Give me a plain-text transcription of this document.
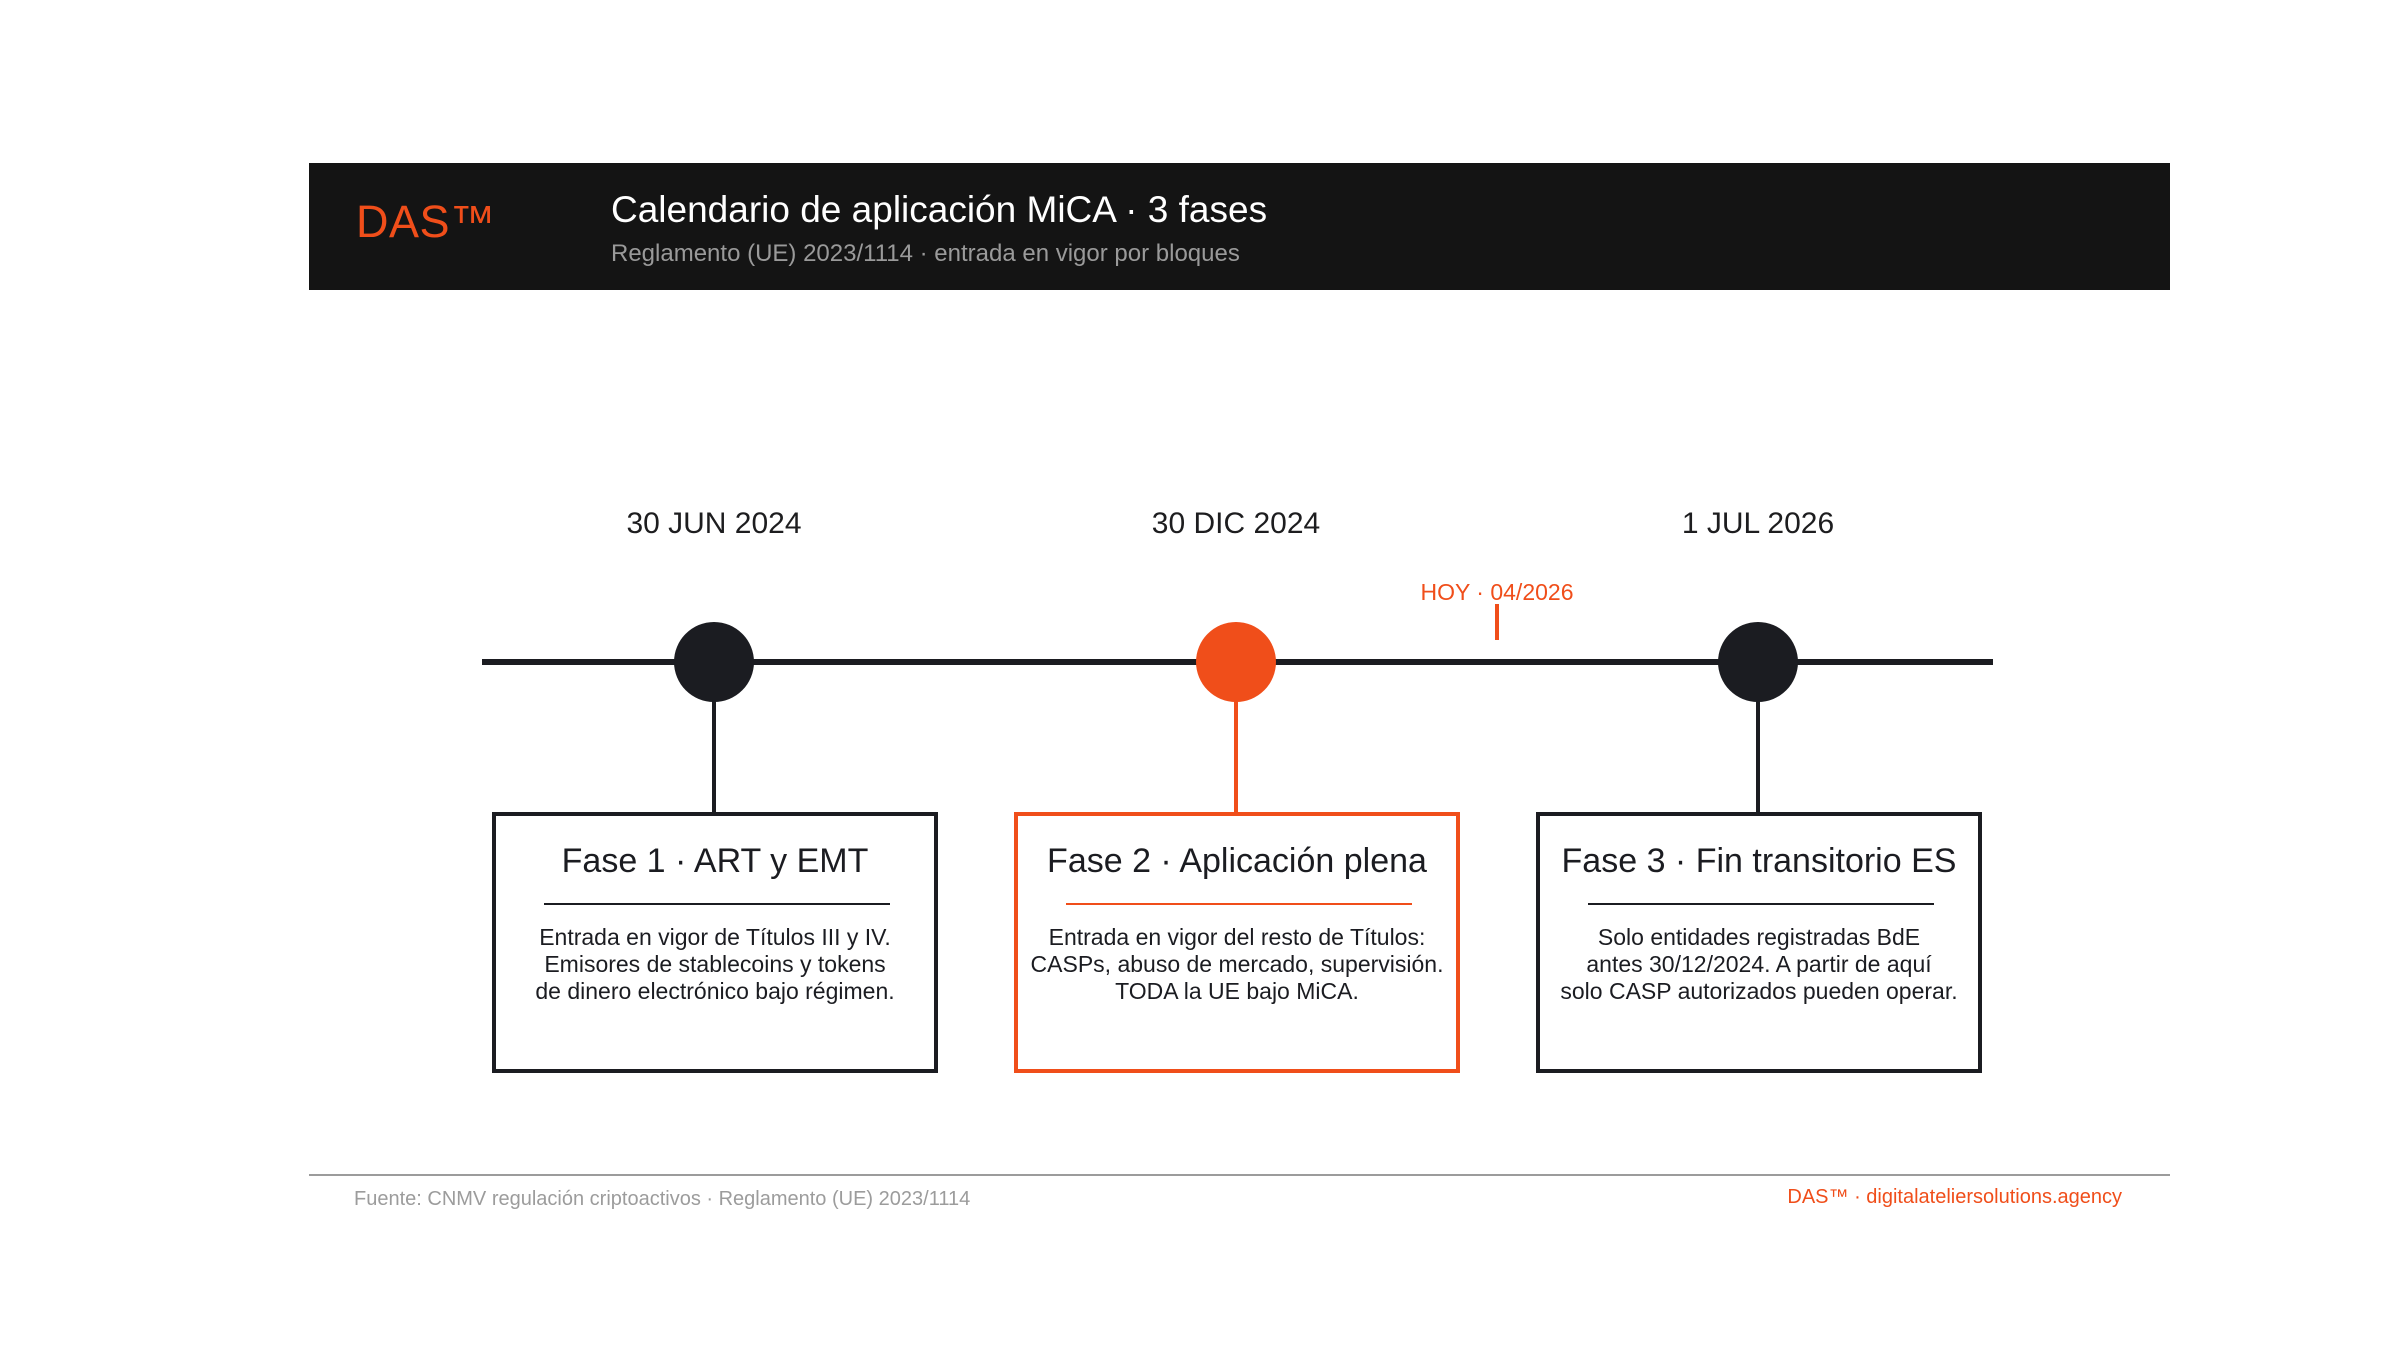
DAS™	Calendario de aplicación MiCA · 3 fases
Reglamento (UE) 2023/1114 · entrada en vigor por bloques
30 JUN 2024	30 DIC 2024	1 JUL 2026
HOY · 04/2026
Fase 1 · ART y EMT
Entrada en vigor de Títulos III y IV.
Emisores de stablecoins y tokens
de dinero electrónico bajo régimen.
Fase 2 · Aplicación plena
Entrada en vigor del resto de Títulos:
CASPs, abuso de mercado, supervisión.
TODA la UE bajo MiCA.
Fase 3 · Fin transitorio ES
Solo entidades registradas BdE
antes 30/12/2024. A partir de aquí
solo CASP autorizados pueden operar.
Fuente: CNMV regulación criptoactivos · Reglamento (UE) 2023/1114	DAS™ · digitalateliersolutions.agency
